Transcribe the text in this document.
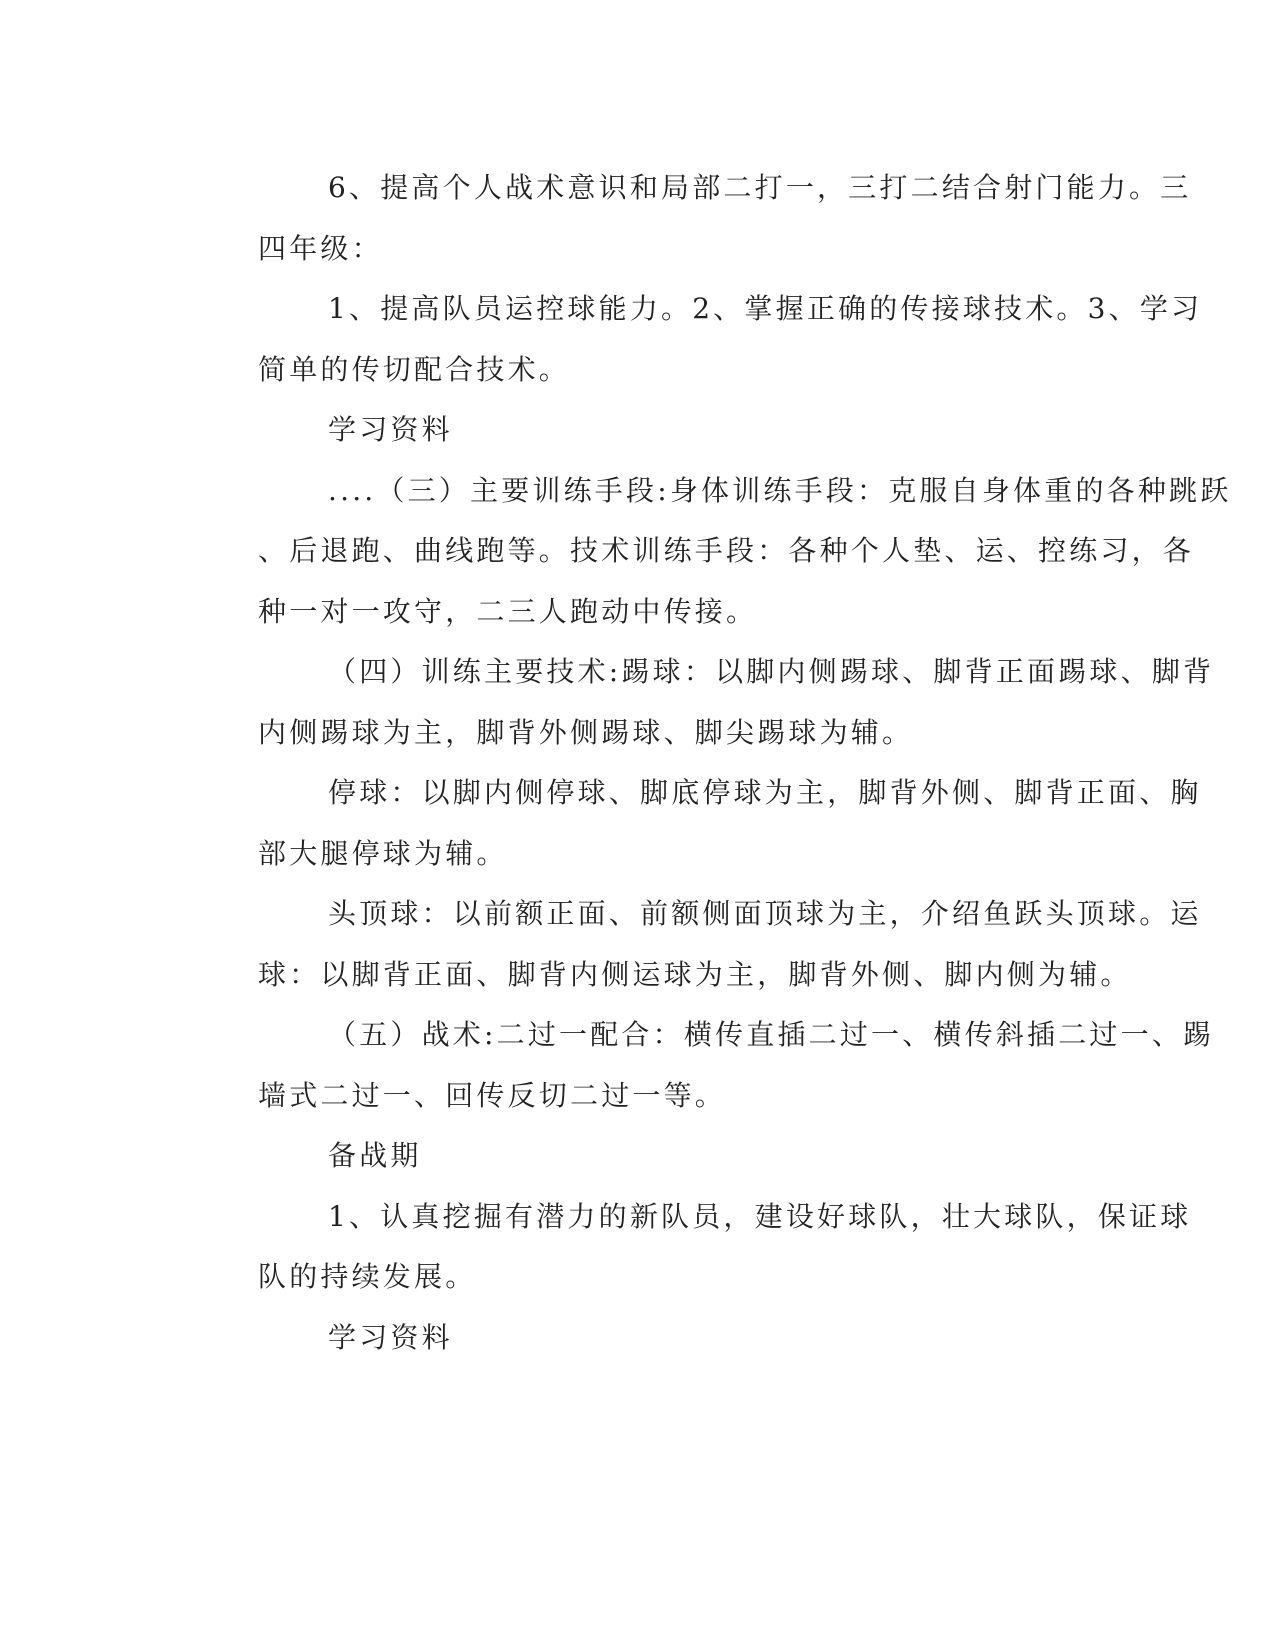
6、提高个人战术意识和局部二打一，三打二结合射门能力。三
四年级：
1、提高队员运控球能力。2、掌握正确的传接球技术。3、学习
简单的传切配合技术。
学习资料
....（三）主要训练手段:身体训练手段：克服自身体重的各种跳跃
、后退跑、曲线跑等。技术训练手段：各种个人垫、运、控练习，各
种一对一攻守，二三人跑动中传接。
（四）训练主要技术:踢球：以脚内侧踢球、脚背正面踢球、脚背
内侧踢球为主，脚背外侧踢球、脚尖踢球为辅。
停球：以脚内侧停球、脚底停球为主，脚背外侧、脚背正面、胸
部大腿停球为辅。
头顶球：以前额正面、前额侧面顶球为主，介绍鱼跃头顶球。运
球：以脚背正面、脚背内侧运球为主，脚背外侧、脚内侧为辅。
（五）战术:二过一配合：横传直插二过一、横传斜插二过一、踢
墙式二过一、回传反切二过一等。
备战期
1、认真挖掘有潜力的新队员，建设好球队，壮大球队，保证球
队的持续发展。
学习资料
